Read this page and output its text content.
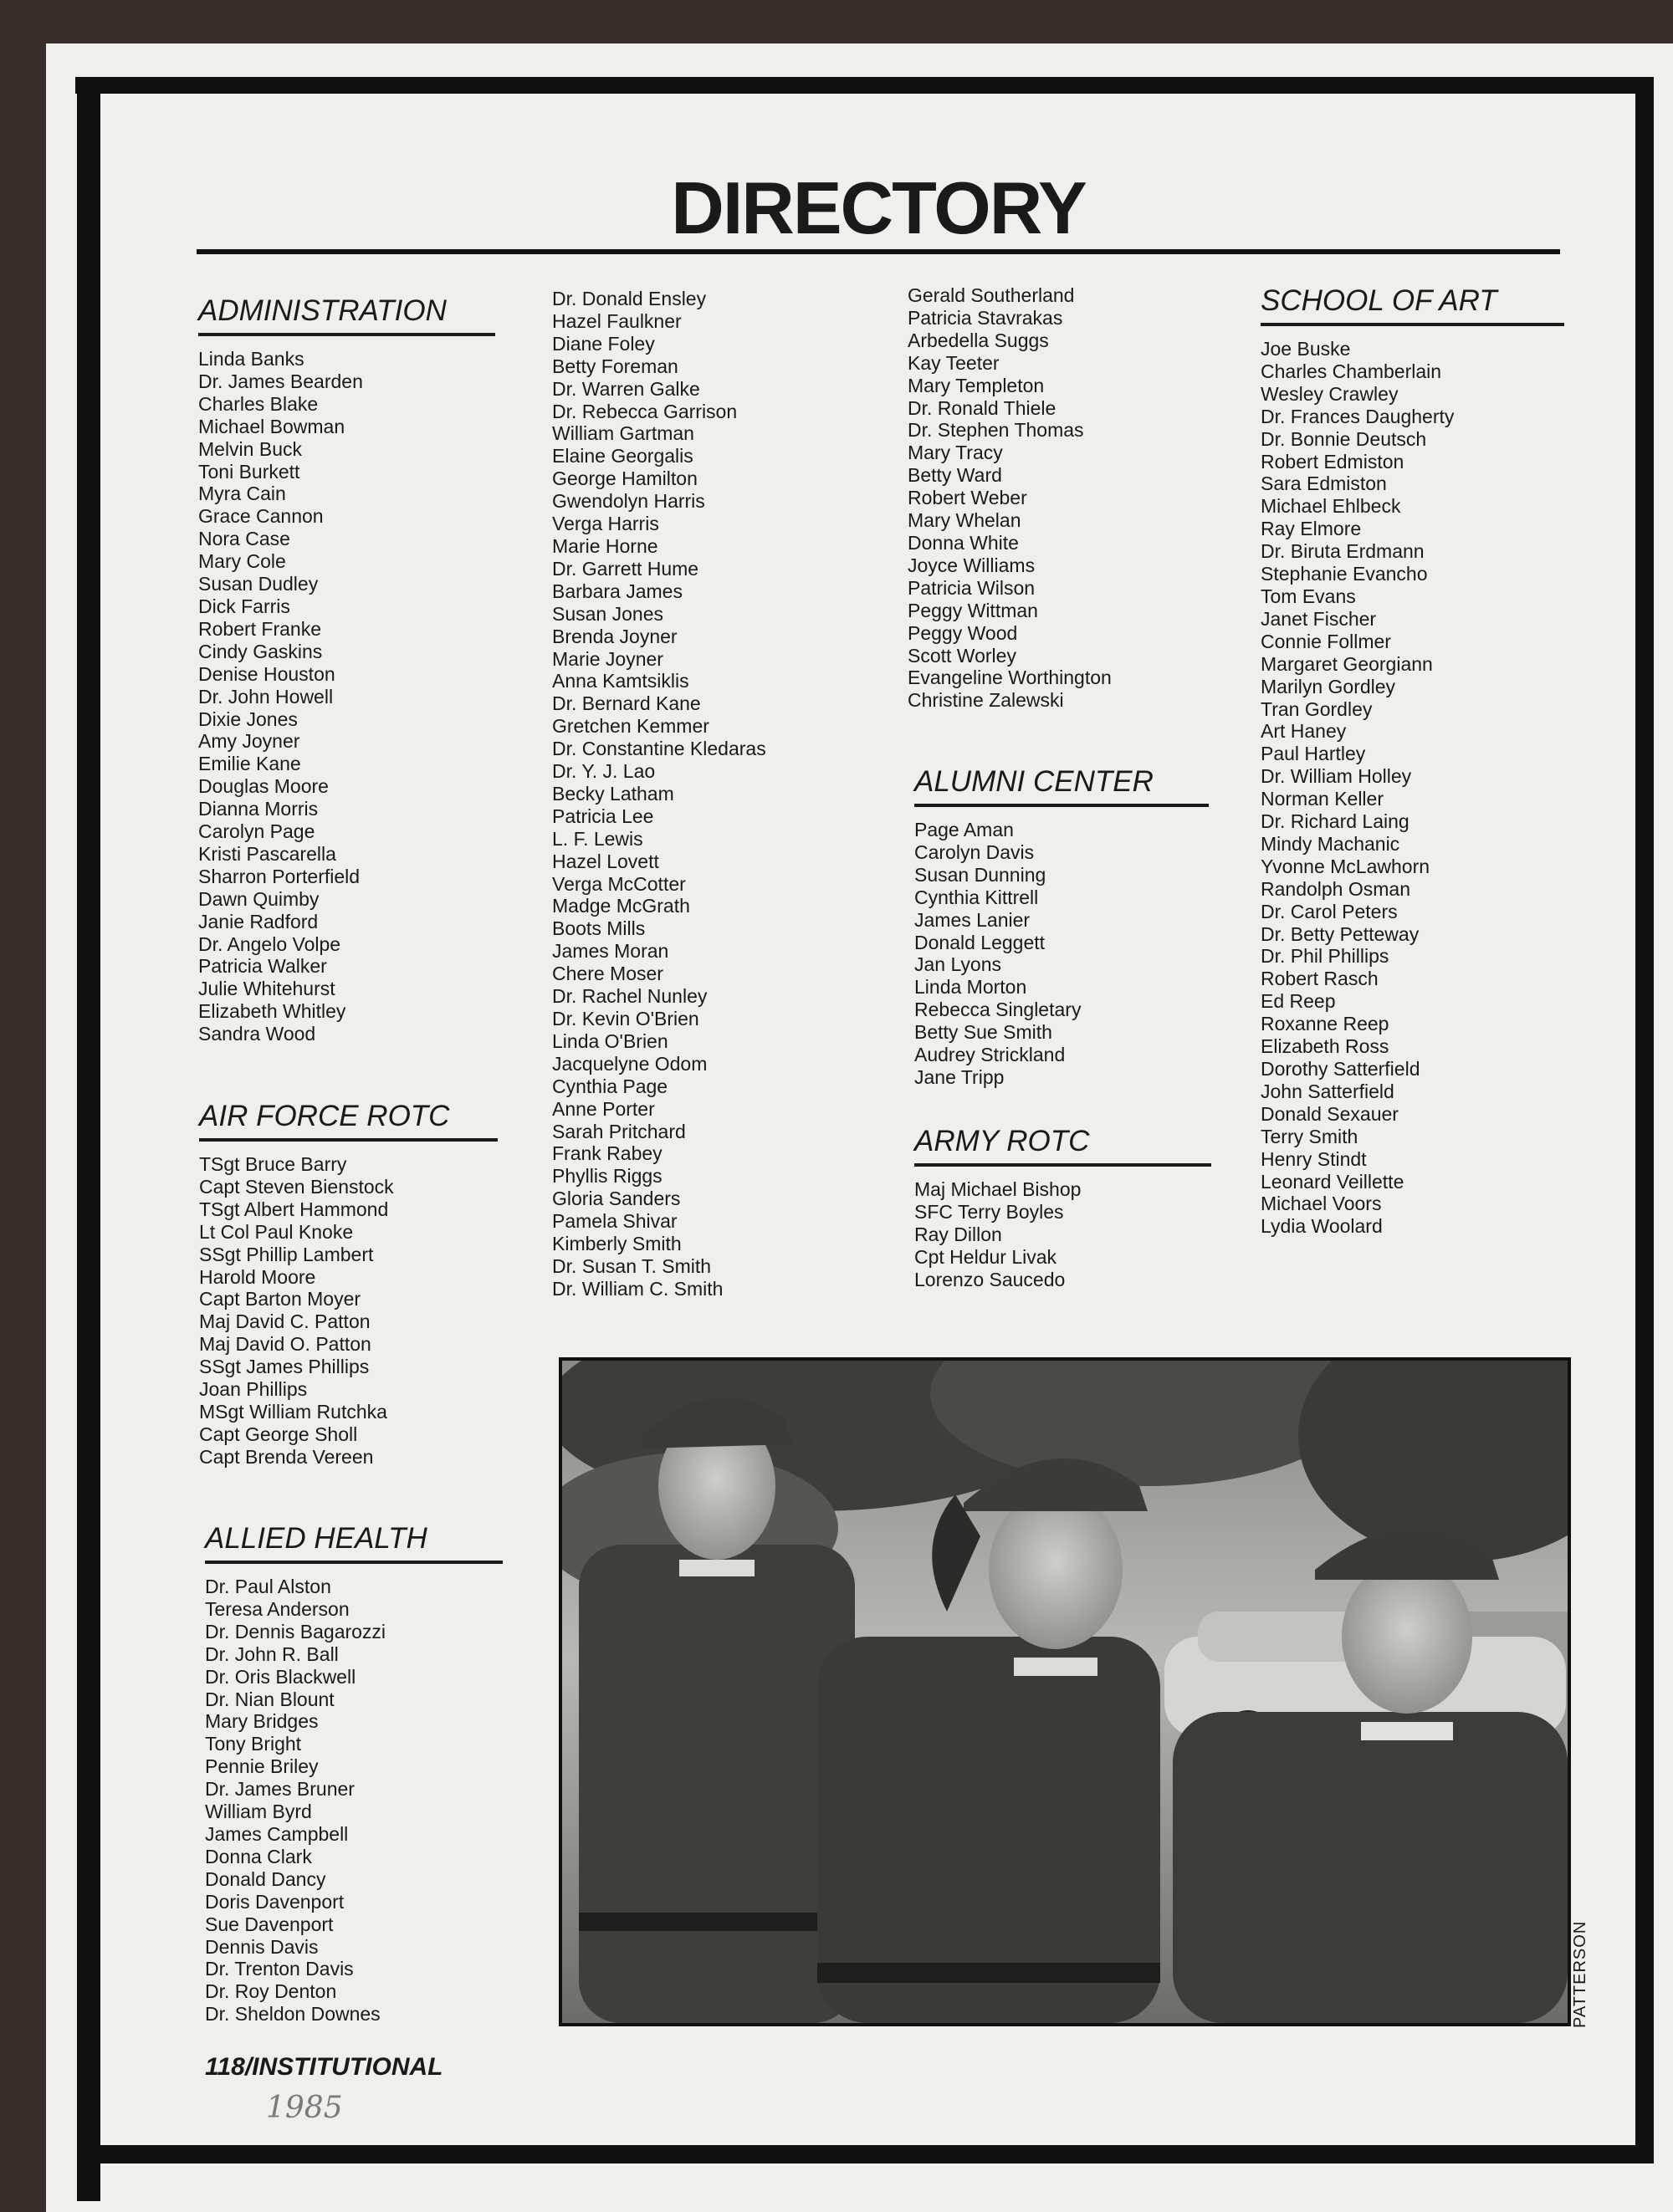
DIRECTORY
ADMINISTRATION
Linda Banks
Dr. James Bearden
Charles Blake
Michael Bowman
Melvin Buck
Toni Burkett
Myra Cain
Grace Cannon
Nora Case
Mary Cole
Susan Dudley
Dick Farris
Robert Franke
Cindy Gaskins
Denise Houston
Dr. John Howell
Dixie Jones
Amy Joyner
Emilie Kane
Douglas Moore
Dianna Morris
Carolyn Page
Kristi Pascarella
Sharron Porterfield
Dawn Quimby
Janie Radford
Dr. Angelo Volpe
Patricia Walker
Julie Whitehurst
Elizabeth Whitley
Sandra Wood
AIR FORCE ROTC
TSgt Bruce Barry
Capt Steven Bienstock
TSgt Albert Hammond
Lt Col Paul Knoke
SSgt Phillip Lambert
Harold Moore
Capt Barton Moyer
Maj David C. Patton
Maj David O. Patton
SSgt James Phillips
Joan Phillips
MSgt William Rutchka
Capt George Sholl
Capt Brenda Vereen
ALLIED HEALTH
Dr. Paul Alston
Teresa Anderson
Dr. Dennis Bagarozzi
Dr. John R. Ball
Dr. Oris Blackwell
Dr. Nian Blount
Mary Bridges
Tony Bright
Pennie Briley
Dr. James Bruner
William Byrd
James Campbell
Donna Clark
Donald Dancy
Doris Davenport
Sue Davenport
Dennis Davis
Dr. Trenton Davis
Dr. Roy Denton
Dr. Sheldon Downes
Dr. Donald Ensley
Hazel Faulkner
Diane Foley
Betty Foreman
Dr. Warren Galke
Dr. Rebecca Garrison
William Gartman
Elaine Georgalis
George Hamilton
Gwendolyn Harris
Verga Harris
Marie Horne
Dr. Garrett Hume
Barbara James
Susan Jones
Brenda Joyner
Marie Joyner
Anna Kamtsiklis
Dr. Bernard Kane
Gretchen Kemmer
Dr. Constantine Kledaras
Dr. Y. J. Lao
Becky Latham
Patricia Lee
L. F. Lewis
Hazel Lovett
Verga McCotter
Madge McGrath
Boots Mills
James Moran
Chere Moser
Dr. Rachel Nunley
Dr. Kevin O'Brien
Linda O'Brien
Jacquelyne Odom
Cynthia Page
Anne Porter
Sarah Pritchard
Frank Rabey
Phyllis Riggs
Gloria Sanders
Pamela Shivar
Kimberly Smith
Dr. Susan T. Smith
Dr. William C. Smith
Gerald Southerland
Patricia Stavrakas
Arbedella Suggs
Kay Teeter
Mary Templeton
Dr. Ronald Thiele
Dr. Stephen Thomas
Mary Tracy
Betty Ward
Robert Weber
Mary Whelan
Donna White
Joyce Williams
Patricia Wilson
Peggy Wittman
Peggy Wood
Scott Worley
Evangeline Worthington
Christine Zalewski
ALUMNI CENTER
Page Aman
Carolyn Davis
Susan Dunning
Cynthia Kittrell
James Lanier
Donald Leggett
Jan Lyons
Linda Morton
Rebecca Singletary
Betty Sue Smith
Audrey Strickland
Jane Tripp
ARMY ROTC
Maj Michael Bishop
SFC Terry Boyles
Ray Dillon
Cpt Heldur Livak
Lorenzo Saucedo
SCHOOL OF ART
Joe Buske
Charles Chamberlain
Wesley Crawley
Dr. Frances Daugherty
Dr. Bonnie Deutsch
Robert Edmiston
Sara Edmiston
Michael Ehlbeck
Ray Elmore
Dr. Biruta Erdmann
Stephanie Evancho
Tom Evans
Janet Fischer
Connie Follmer
Margaret Georgiann
Marilyn Gordley
Tran Gordley
Art Haney
Paul Hartley
Dr. William Holley
Norman Keller
Dr. Richard Laing
Mindy Machanic
Yvonne McLawhorn
Randolph Osman
Dr. Carol Peters
Dr. Betty Petteway
Dr. Phil Phillips
Robert Rasch
Ed Reep
Roxanne Reep
Elizabeth Ross
Dorothy Satterfield
John Satterfield
Donald Sexauer
Terry Smith
Henry Stindt
Leonard Veillette
Michael Voors
Lydia Woolard
PATTERSON
118/INSTITUTIONAL
1985
